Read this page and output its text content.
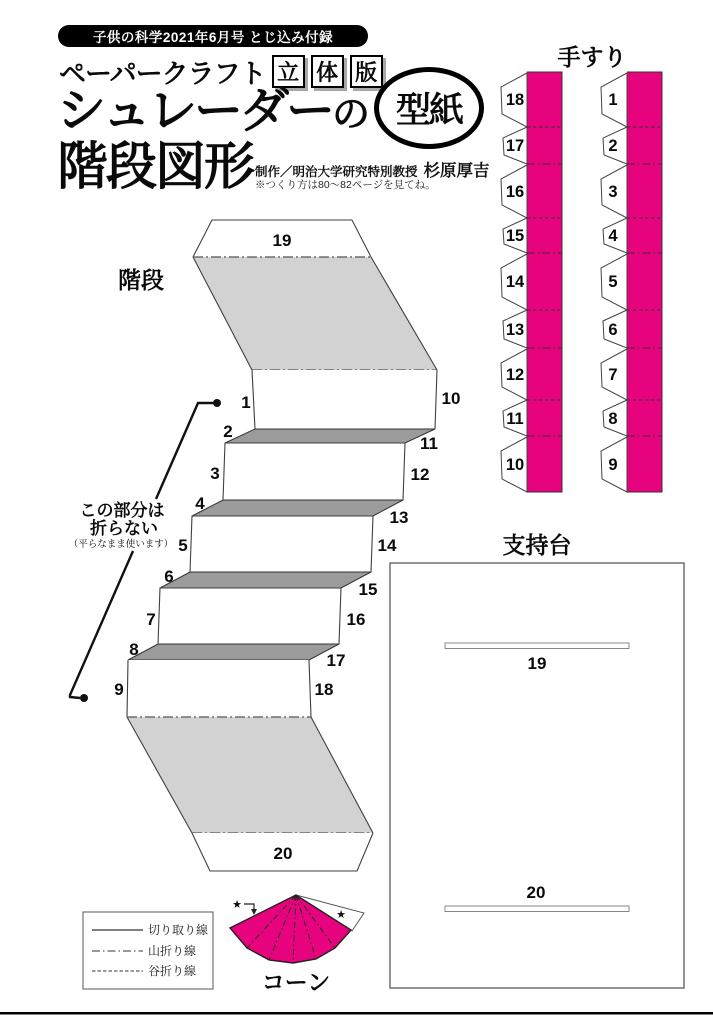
子供の科学2021年6月号 とじ込み付録
ペーパークラフト 立 体 版
型紙
シュレーダーの
階段図形 制作／明治大学研究特別教授 杉原厚吉
※つくり方は80～82ページを見てね。
階段
19
20
1
2
3
4
5
6
7
8
9
10
11
12
13
14
15
16
17
18
この部分は
折らない
（平らなまま使います）
手すり
18
17
16
15
14
13
12
11
10
1
2
3
4
5
6
7
8
9
支持台
19
20
切り取り線
山折り線
谷折り線
★
★
コーン
